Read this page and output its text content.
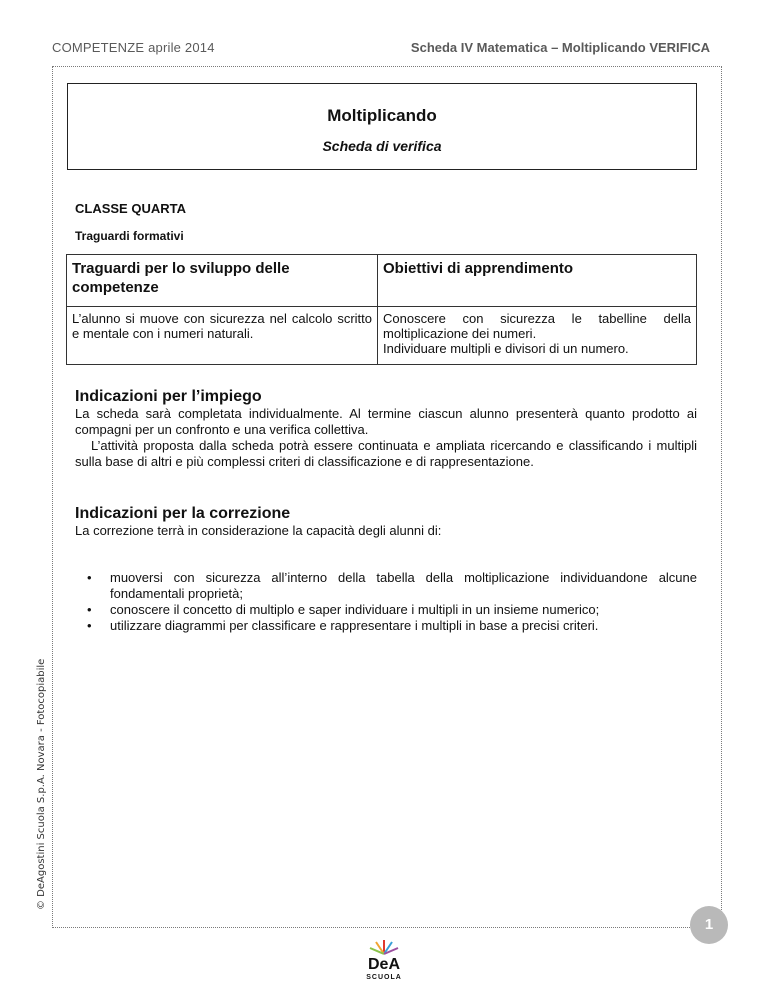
COMPETENZE aprile 2014	Scheda IV Matematica – Moltiplicando VERIFICA
Moltiplicando
Scheda di verifica
CLASSE QUARTA
Traguardi formativi
Traguardi per lo sviluppo delle competenze	Obiettivi di apprendimento
L’alunno si muove con sicurezza nel calcolo scritto e mentale con i numeri naturali.	Conoscere con sicurezza le tabelline della moltiplicazione dei numeri.
Individuare multipli e divisori di un numero.
Indicazioni per l’impiego

La scheda sarà completata individualmente. Al termine ciascun alunno presenterà quanto prodotto ai compagni per un confronto e una verifica collettiva.

L’attività proposta dalla scheda potrà essere continuata e ampliata ricercando e classificando i multipli sulla base di altri e più complessi criteri di classificazione e di rappresentazione.

Indicazioni per la correzione
La correzione terrà in considerazione la capacità degli alunni di:
• muoversi con sicurezza all’interno della tabella della moltiplicazione individuandone alcune fondamentali proprietà;
• conoscere il concetto di multiplo e saper individuare i multipli in un insieme numerico;
• utilizzare diagrammi per classificare e rappresentare i multipli in base a precisi criteri.
© DeAgostini Scuola S.p.A. Novara - Fotocopiabile
1
DeA
SCUOLA
